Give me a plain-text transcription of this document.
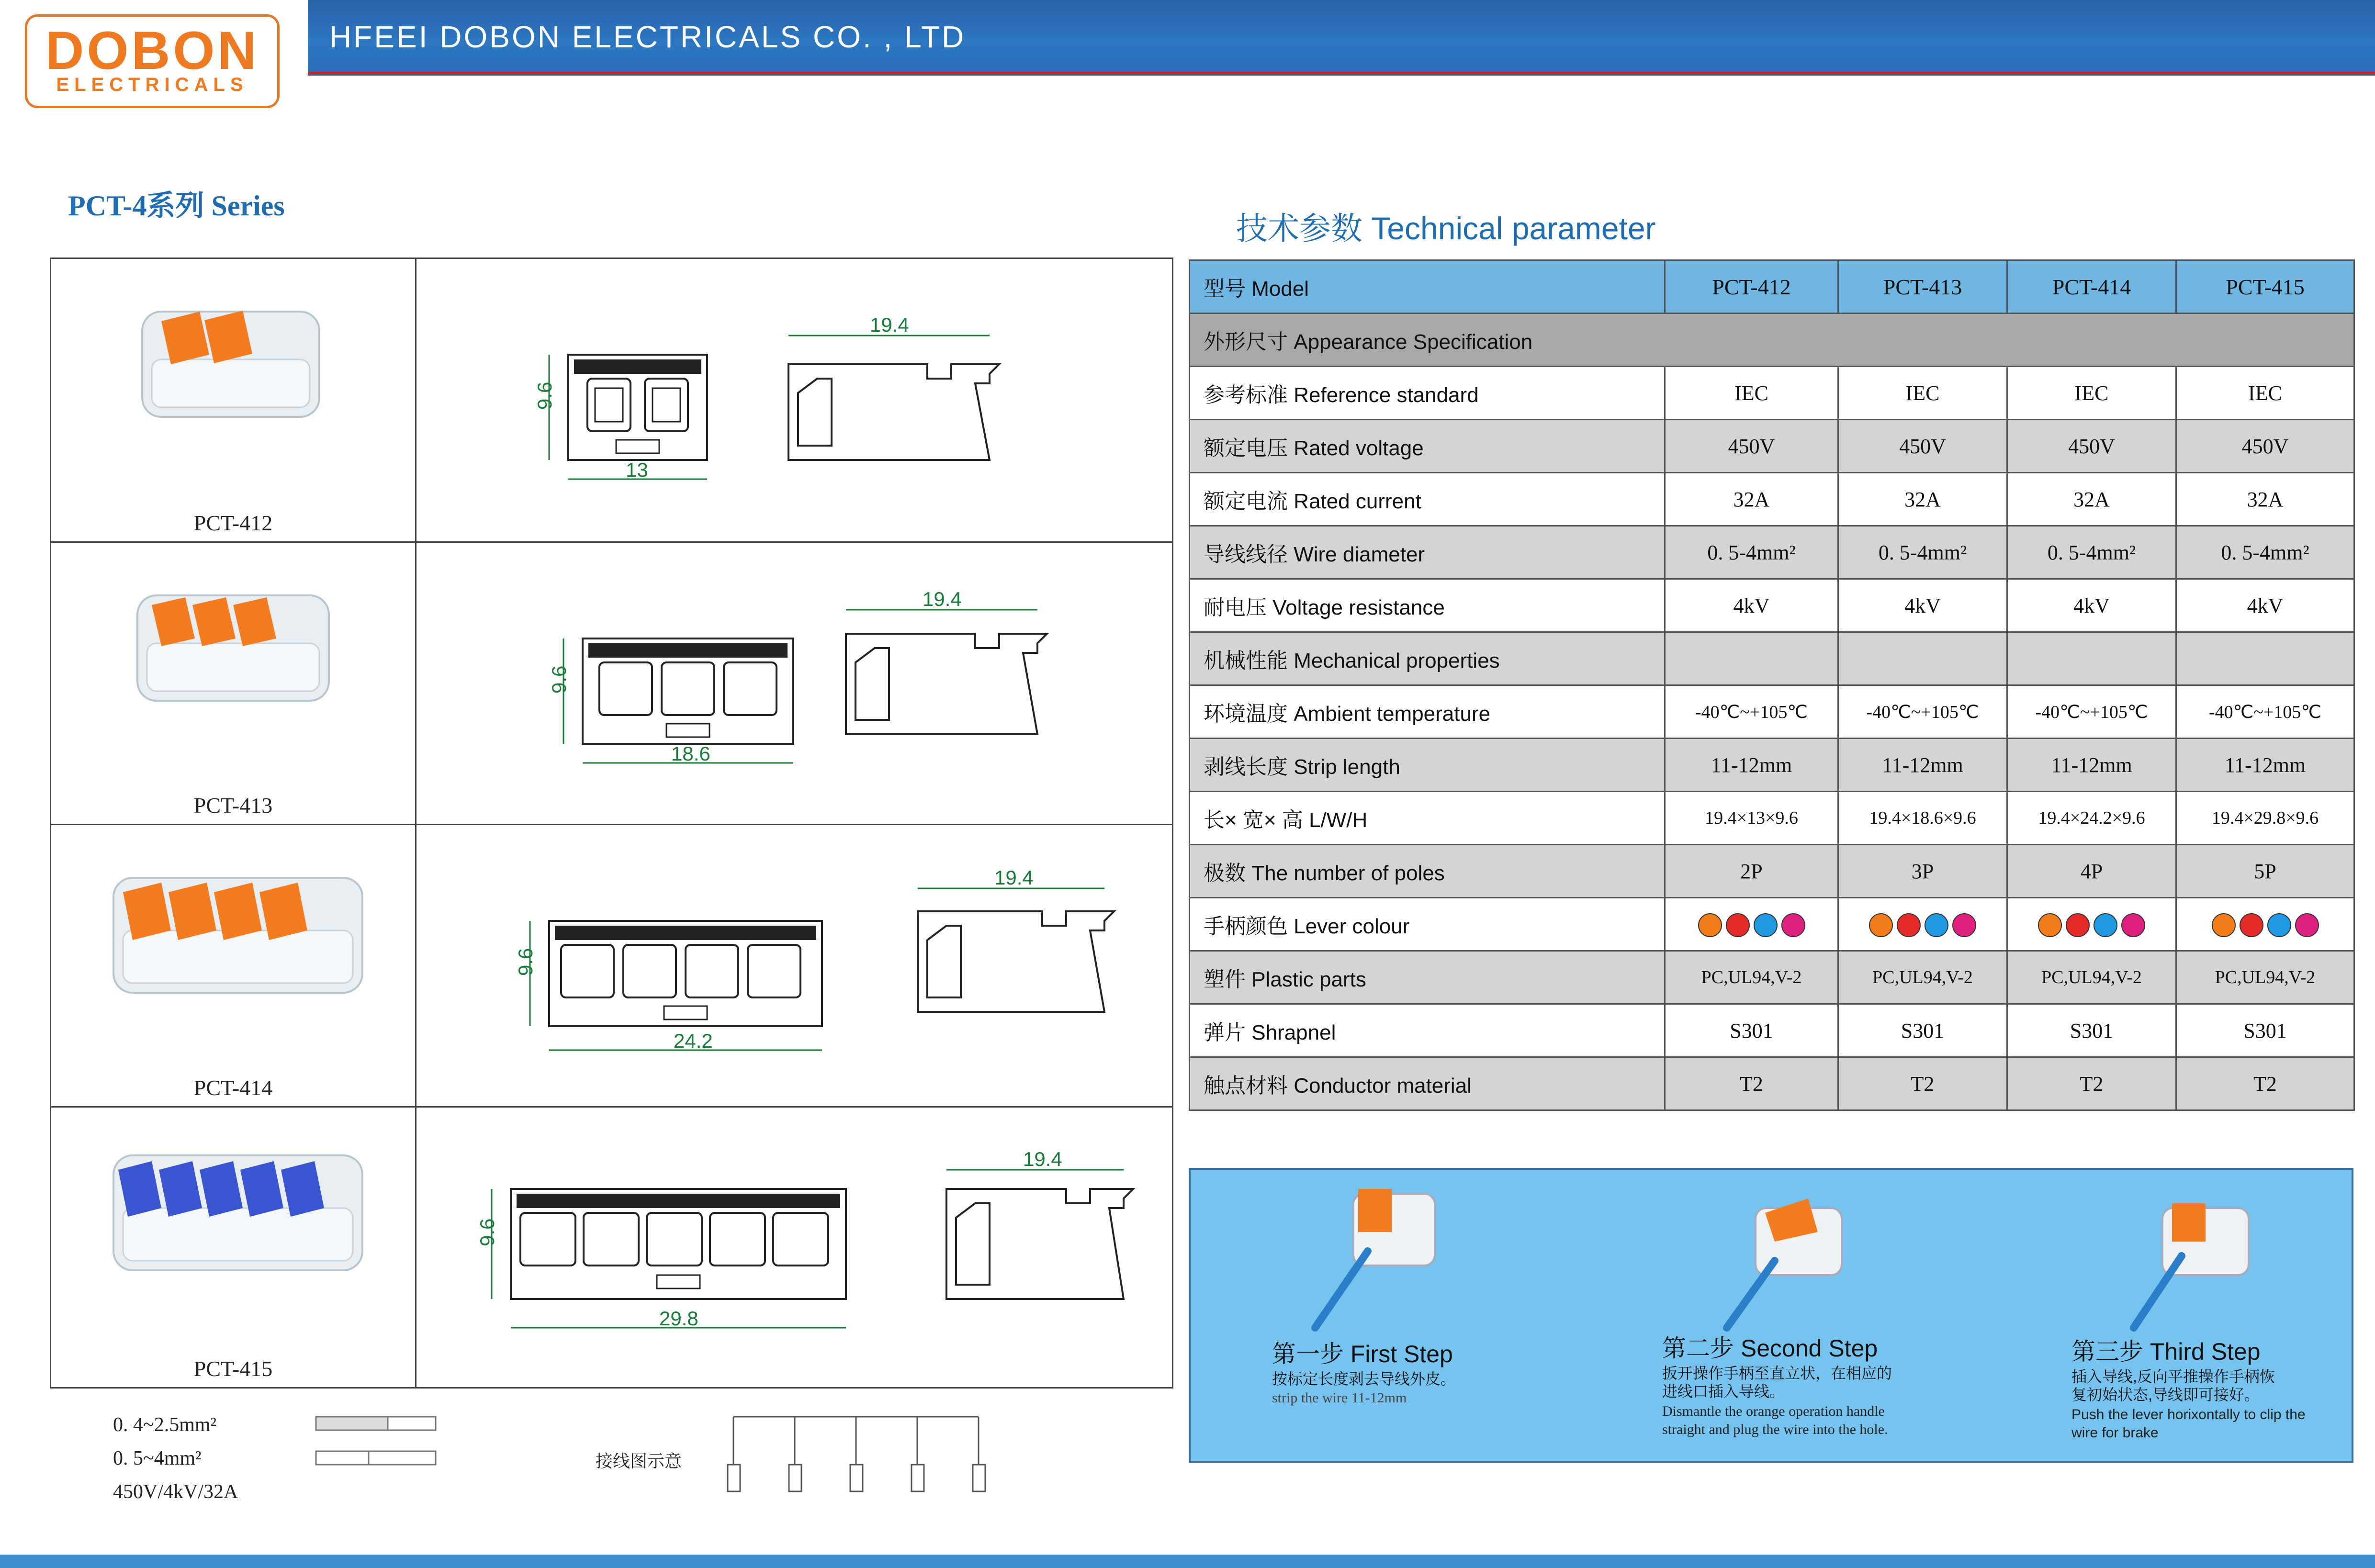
DOBON
ELECTRICALS
HFEEI DOBON ELECTRICALS CO. , LTD
PCT-4系列 Series
PCT-412
9.6
13
19.4
PCT-413
9.6
18.6
19.4
PCT-414
9.6
24.2
19.4
PCT-415
9.6
29.8
19.4
0. 4~2.5mm²
0. 5~4mm²
450V/4kV/32A
接线图示意
技术参数 Technical parameter
型号 Model	PCT-412	PCT-413	PCT-414	PCT-415
外形尺寸 Appearance Specification				
参考标准 Reference standard	IEC	IEC	IEC	IEC
额定电压 Rated voltage	450V	450V	450V	450V
额定电流 Rated current	32A	32A	32A	32A
导线线径 Wire diameter	0. 5-4mm²	0. 5-4mm²	0. 5-4mm²	0. 5-4mm²
耐电压 Voltage resistance	4kV	4kV	4kV	4kV
机械性能 Mechanical properties				
环境温度 Ambient temperature	-40℃~+105℃	-40℃~+105℃	-40℃~+105℃	-40℃~+105℃
剥线长度 Strip length	11-12mm	11-12mm	11-12mm	11-12mm
长× 宽× 高 L/W/H	19.4×13×9.6	19.4×18.6×9.6	19.4×24.2×9.6	19.4×29.8×9.6
极数 The number of poles	2P	3P	4P	5P
手柄颜色 Lever colour				
塑件 Plastic parts	PC,UL94,V-2	PC,UL94,V-2	PC,UL94,V-2	PC,UL94,V-2
弹片 Shrapnel	S301	S301	S301	S301
触点材料 Conductor material	T2	T2	T2	T2
第一步 First Step
按标定长度剥去导线外皮。
strip the wire 11-12mm
第二步 Second Step
扳开操作手柄至直立状，在相应的进线口插入导线。
Dismantle the orange operation handle straight and plug the wire into the hole.
第三步 Third Step
插入导线,反向平推操作手柄恢复初始状态,导线即可接好。
Push the lever horixontally to clip the wire for brake
